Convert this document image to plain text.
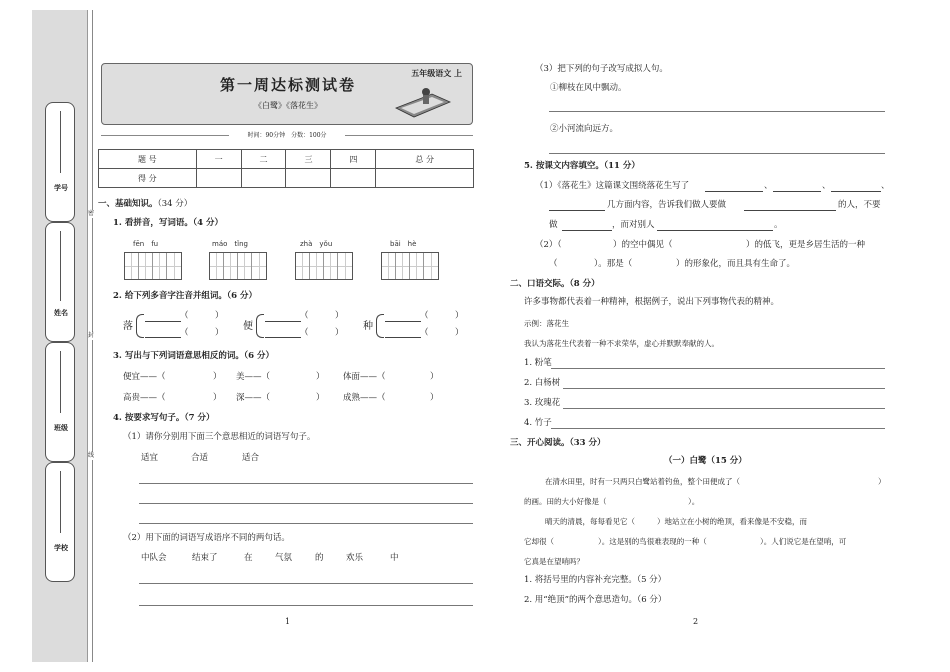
学号
姓名
班级
学校
密
封
线
第一周达标测试卷
《白鹭》《落花生》
五年级语文 上
时间：90分钟　分数：100分
题 号	一	二	三	四	总 分
得 分					
一、基础知识。（34 分）
1. 看拼音，写词语。（4 分）
fēn　fu	máo　tǐng	zhà　yǒu	bāi　hè
2. 给下列多音字注音并组词。（6 分）
落
（	）
（	）
便
（	）
（	）
种
（	）
（	）
3. 写出与下列词语意思相反的词。（6 分）
便宜——（	） 美——（	） 体面——（	）
高贵——（	） 深——（	） 成熟——（	）
4. 按要求写句子。（7 分）
（1）请你分别用下面三个意思相近的词语写句子。
适宜	合适	适合
（2）用下面的词语写成语序不同的两句话。
中队会	结束了	在	气氛	的	欢乐	中
1
（3）把下列的句子改写成拟人句。
①柳枝在风中飘动。
②小河流向远方。
5. 按课文内容填空。（11 分）
（1）《落花生》这篇课文围绕落花生写了	、	、	、
几方面内容，告诉我们做人要做	的人，不要
做	，而对别人	。
（2）（	）的空中偶见（	）的低飞，更是乡居生活的一种
（	）。那是（	）的形象化，而且具有生命了。
二、口语交际。（8 分）
许多事物都代表着一种精神，根据例子，说出下列事物代表的精神。
示例：落花生
我认为落花生代表着一种不求荣华，虚心并默默奉献的人。
1. 粉笔
2. 白杨树
3. 玫瑰花
4. 竹子
三、开心阅读。（33 分）
（一）白鹭（15 分）
在清水田里，时有一只两只白鹭站着钓鱼，整个田便成了（	）
的画。田的大小好像是（	）。
晴天的清晨，每每看见它（	）地站立在小树的绝顶，看来像是不安稳，而
它却很（	）。这是别的鸟很难表现的一种（	）。人们说它是在望哨，可
它真是在望哨吗？
1. 将括号里的内容补充完整。（5 分）
2. 用“绝顶”的两个意思造句。（6 分）
2
